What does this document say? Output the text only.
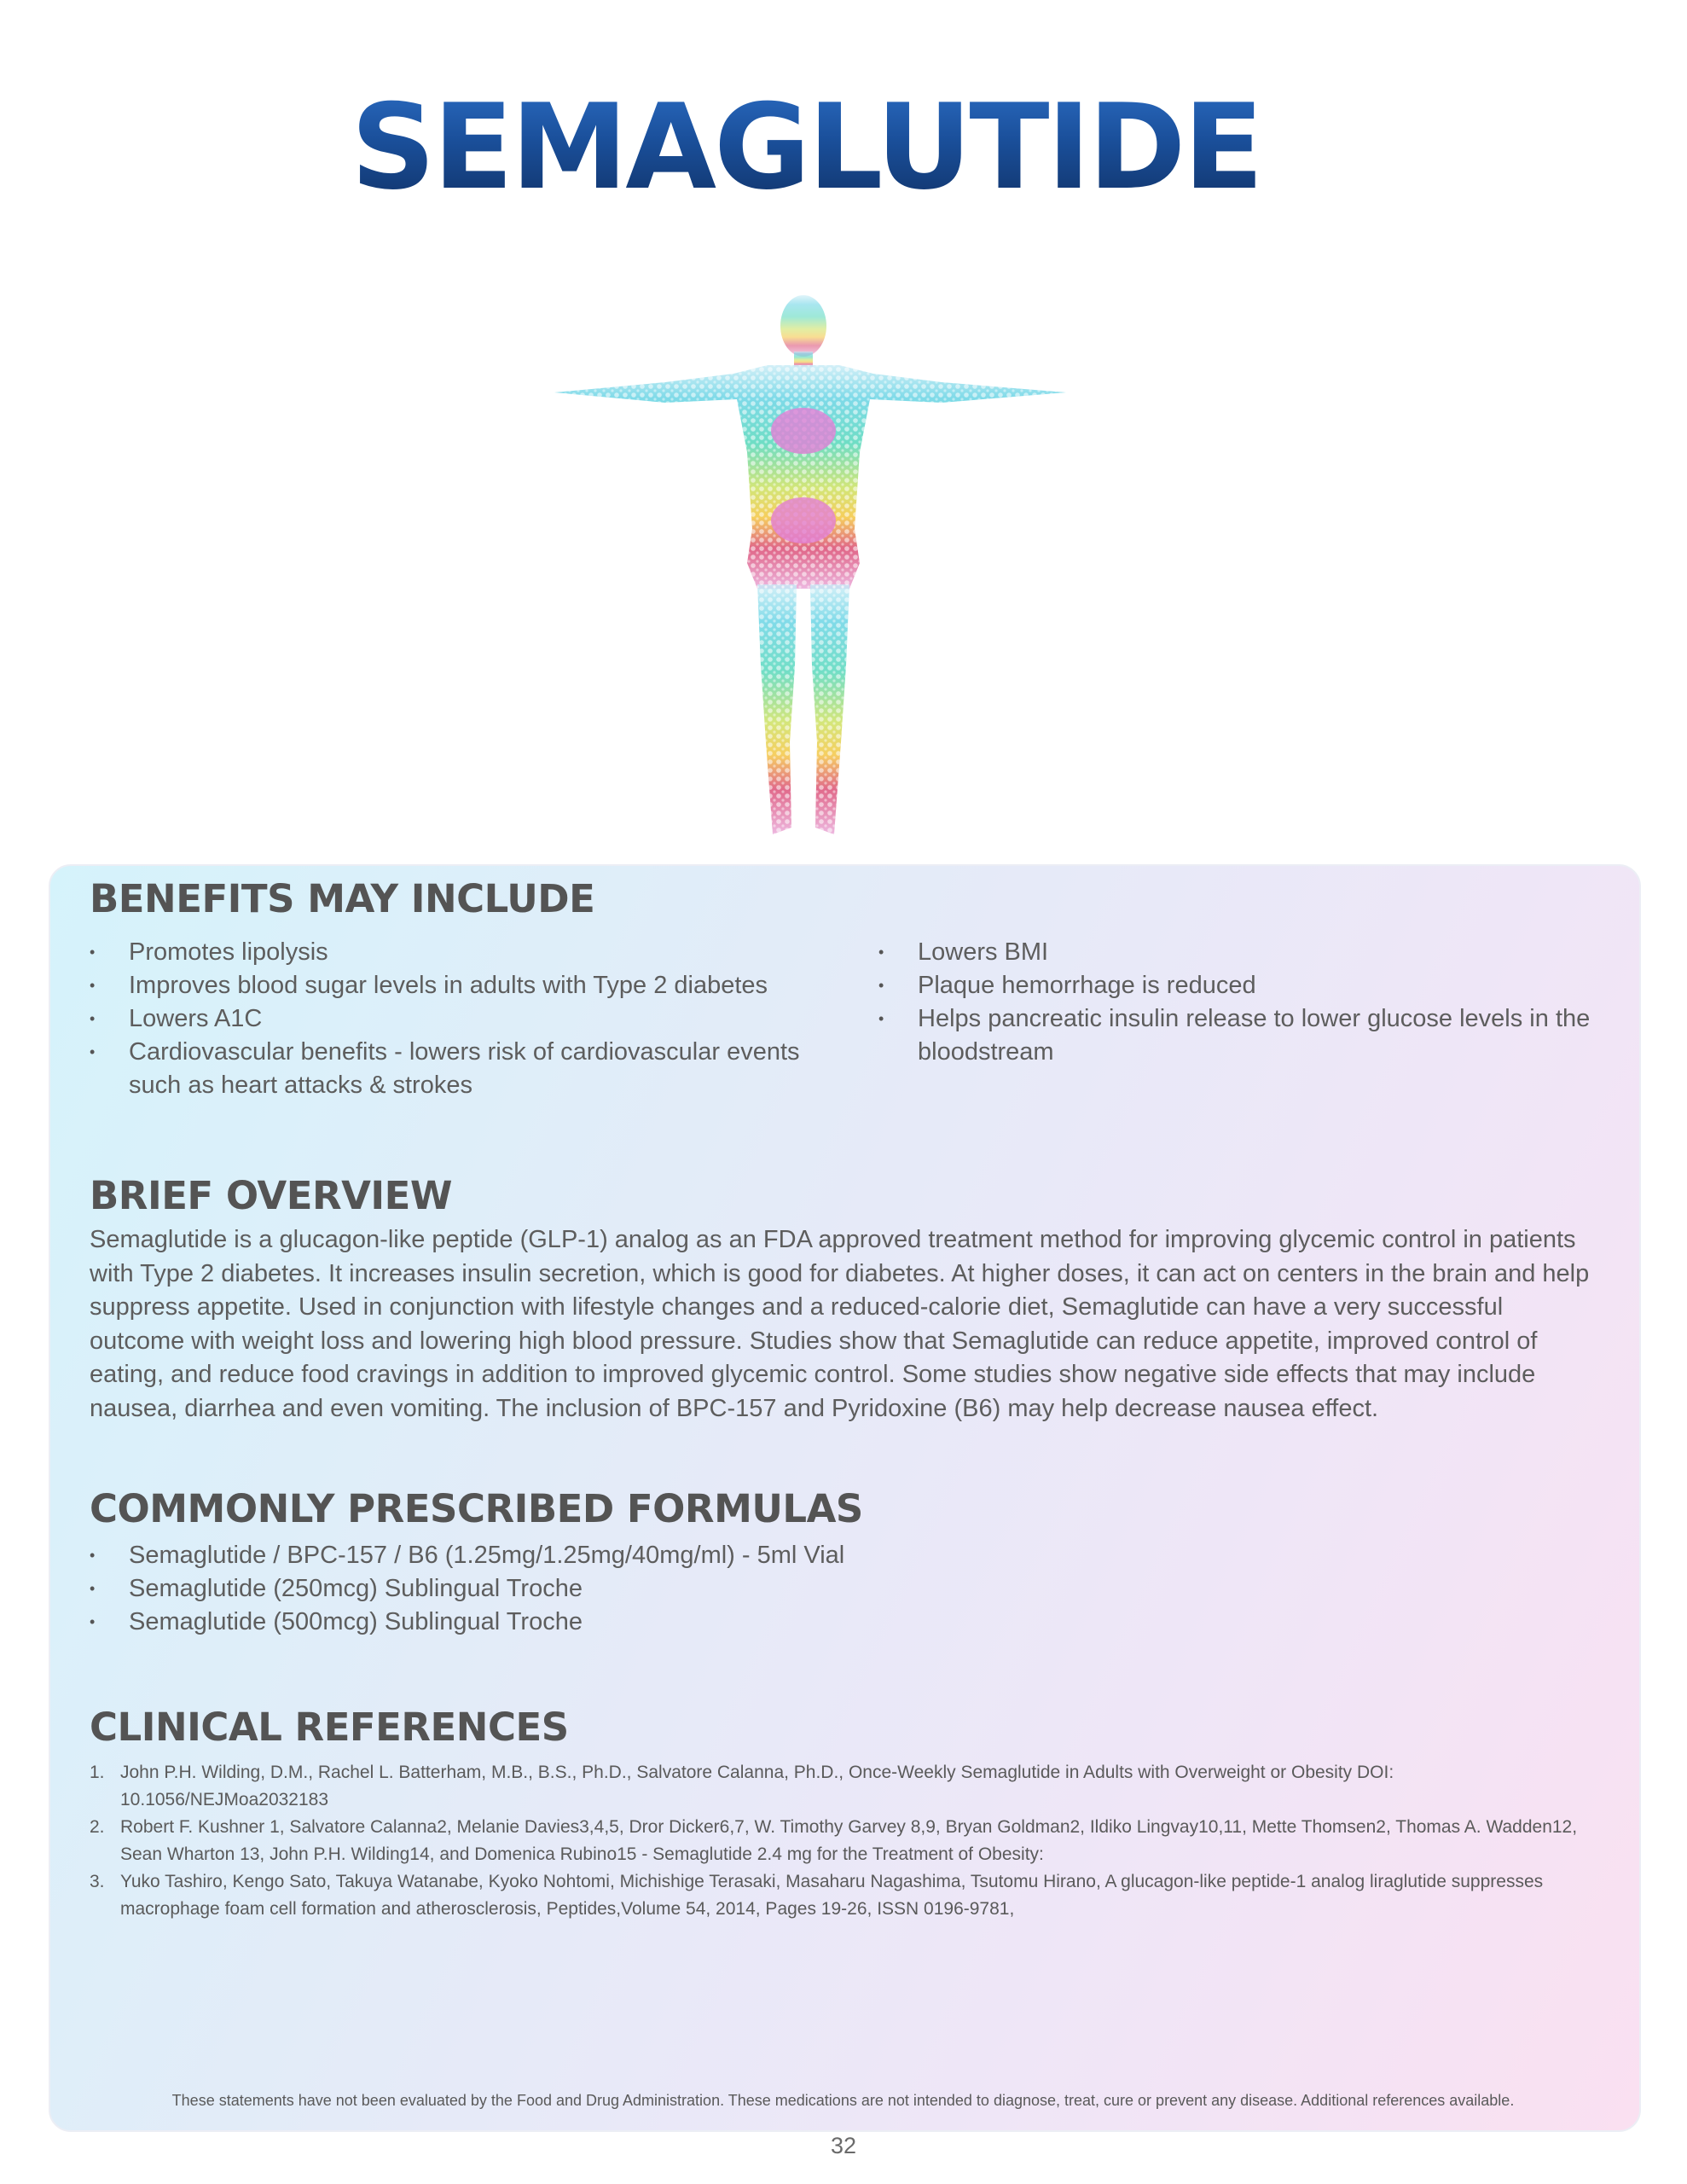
SEMAGLUTIDE
BENEFITS MAY INCLUDE
• Promotes lipolysis
• Improves blood sugar levels in adults with Type 2 diabetes
• Lowers A1C
• Cardiovascular benefits - lowers risk of cardiovascular events such as heart attacks & strokes
• Lowers BMI
• Plaque hemorrhage is reduced
• Helps pancreatic insulin release to lower glucose levels in the bloodstream
BRIEF OVERVIEW

Semaglutide is a glucagon-like peptide (GLP-1) analog as an FDA approved treatment method for improving glycemic control in patients with Type 2 diabetes. It increases insulin secretion, which is good for diabetes. At higher doses, it can act on centers in the brain and help suppress appetite. Used in conjunction with lifestyle changes and a reduced-calorie diet, Semaglutide can have a very successful outcome with weight loss and lowering high blood pressure. Studies show that Semaglutide can reduce appetite, improved control of eating, and reduce food cravings in addition to improved glycemic control. Some studies show negative side effects that may include nausea, diarrhea and even vomiting. The inclusion of BPC-157 and Pyridoxine (B6) may help decrease nausea effect.

COMMONLY PRESCRIBED FORMULAS
• Semaglutide / BPC-157 / B6 (1.25mg/1.25mg/40mg/ml) - 5ml Vial
• Semaglutide (250mcg) Sublingual Troche
• Semaglutide (500mcg) Sublingual Troche
CLINICAL REFERENCES
1. John P.H. Wilding, D.M., Rachel L. Batterham, M.B., B.S., Ph.D., Salvatore Calanna, Ph.D., Once-Weekly Semaglutide in Adults with Overweight or Obesity DOI: 10.1056/NEJMoa2032183
2. Robert F. Kushner 1, Salvatore Calanna2, Melanie Davies3,4,5, Dror Dicker6,7, W. Timothy Garvey 8,9, Bryan Goldman2, Ildiko Lingvay10,11, Mette Thomsen2, Thomas A. Wadden12, Sean Wharton 13, John P.H. Wilding14, and Domenica Rubino15 - Semaglutide 2.4 mg for the Treatment of Obesity:
3. Yuko Tashiro, Kengo Sato, Takuya Watanabe, Kyoko Nohtomi, Michishige Terasaki, Masaharu Nagashima, Tsutomu Hirano, A glucagon-like peptide-1 analog liraglutide suppresses macrophage foam cell formation and atherosclerosis, Peptides,Volume 54, 2014, Pages 19-26, ISSN 0196-9781,
These statements have not been evaluated by the Food and Drug Administration. These medications are not intended to diagnose, treat, cure or prevent any disease. Additional references available.
32
